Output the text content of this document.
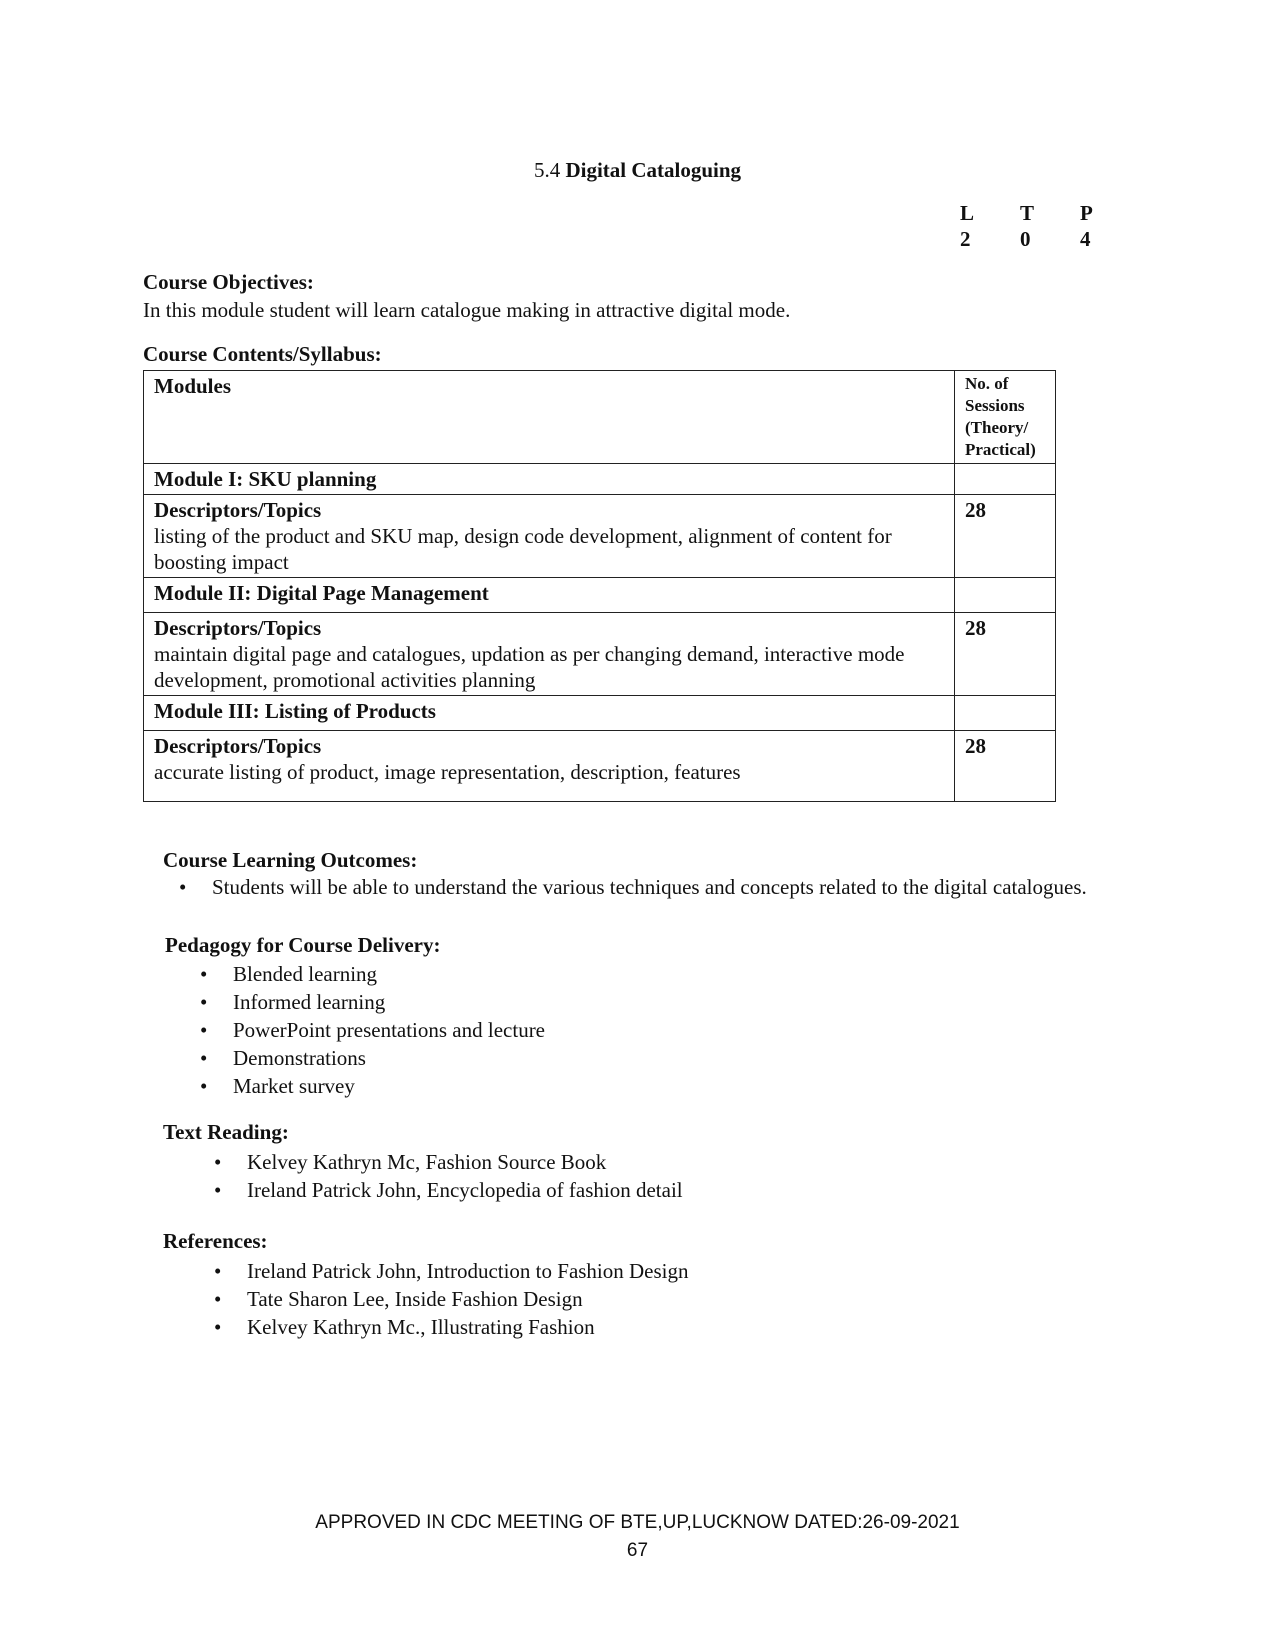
5.4 Digital Cataloguing
L	T	P
2	0	4
Course Objectives:
In this module student will learn catalogue making in attractive digital mode.
Course Contents/Syllabus:
Modules	No. of
Sessions
(Theory/
Practical)

Module I: SKU planning	

Descriptors/Topics
listing of the product and SKU map, design code development, alignment of content for boosting impact	28
Module II: Digital Page Management	

Descriptors/Topics
maintain digital page and catalogues, updation as per changing demand, interactive mode development, promotional activities planning	28
Module III: Listing of Products	

Descriptors/Topics
accurate listing of product, image representation, description, features	28
Course Learning Outcomes:
• Students will be able to understand the various techniques and concepts related to the digital catalogues.
Pedagogy for Course Delivery:
• Blended learning
• Informed learning
• PowerPoint presentations and lecture
• Demonstrations
• Market survey
Text Reading:
• Kelvey Kathryn Mc, Fashion Source Book
• Ireland Patrick John, Encyclopedia of fashion detail
References:
• Ireland Patrick John, Introduction to Fashion Design
• Tate Sharon Lee, Inside Fashion Design
• Kelvey Kathryn Mc., Illustrating Fashion
APPROVED IN CDC MEETING OF BTE,UP,LUCKNOW DATED:26-09-2021
67
